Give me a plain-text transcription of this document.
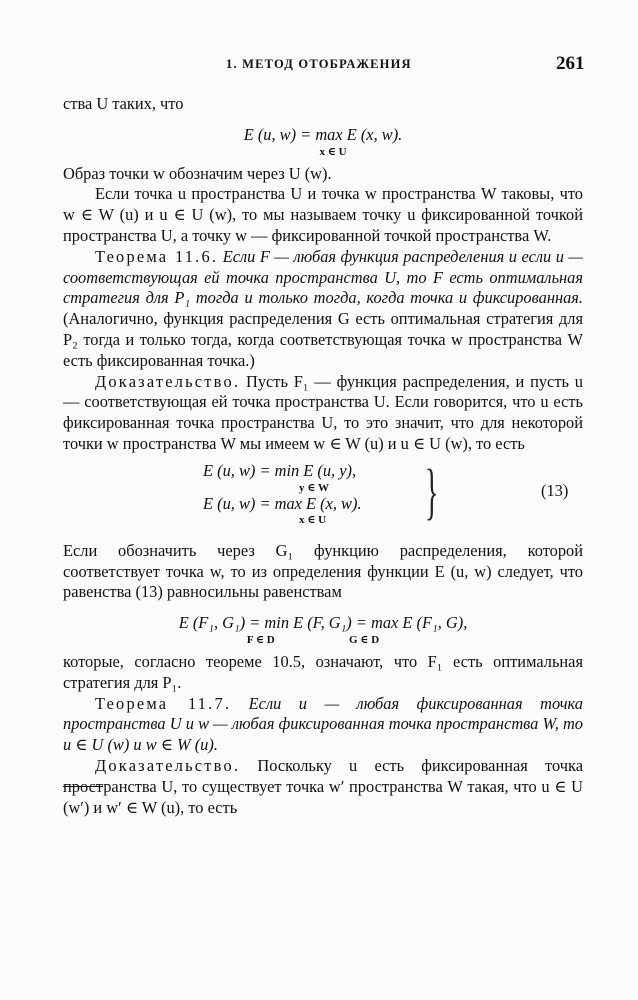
1. МЕТОД ОТОБРАЖЕНИЯ	261

ства U таких, что

E (u, w) = max E (x, w).
x ∈ U

Образ точки w обозначим через U (w).

Если точка u пространства U и точка w пространства W таковы, что w ∈ W (u) и u ∈ U (w), то мы называем точку u фиксированной точкой пространства U, а точку w — фиксированной точкой пространства W.

Теорема 11.6. Если F — любая функция распределения и если u — соответствующая ей точка пространства U, то F есть оптимальная стратегия для P₁ тогда и только тогда, когда точка u фиксированная. (Аналогично, функция распределения G есть оптимальная стратегия для P₂ тогда и только тогда, когда соответствующая точка w пространства W есть фиксированная точка.)

Доказательство. Пусть F₁ — функция распределения, и пусть u — соответствующая ей точка пространства U. Если говорится, что u есть фиксированная точка пространства U, то это значит, что для некоторой точки w пространства W мы имеем w ∈ W (u) и u ∈ U (w), то есть

E (u, w) = min E (u, y),
y ∈ W
E (u, w) = max E (x, w).
x ∈ U	}	(13)

Если обозначить через G₁ функцию распределения, которой соответствует точка w, то из определения функции E (u, w) следует, что равенства (13) равносильны равенствам

E (F₁, G₁) = min E (F, G₁) = max E (F₁, G),
F ∈ D                           G ∈ D

которые, согласно теореме 10.5, означают, что F₁ есть оптимальная стратегия для P₁.

Теорема 11.7. Если u — любая фиксированная точка пространства U и w — любая фиксированная точка пространства W, то u ∈ U (w) и w ∈ W (u).

Доказательство. Поскольку u есть фиксированная точка пространства U, то существует точка w′ пространства W такая, что u ∈ U (w′) и w′ ∈ W (u), то есть
